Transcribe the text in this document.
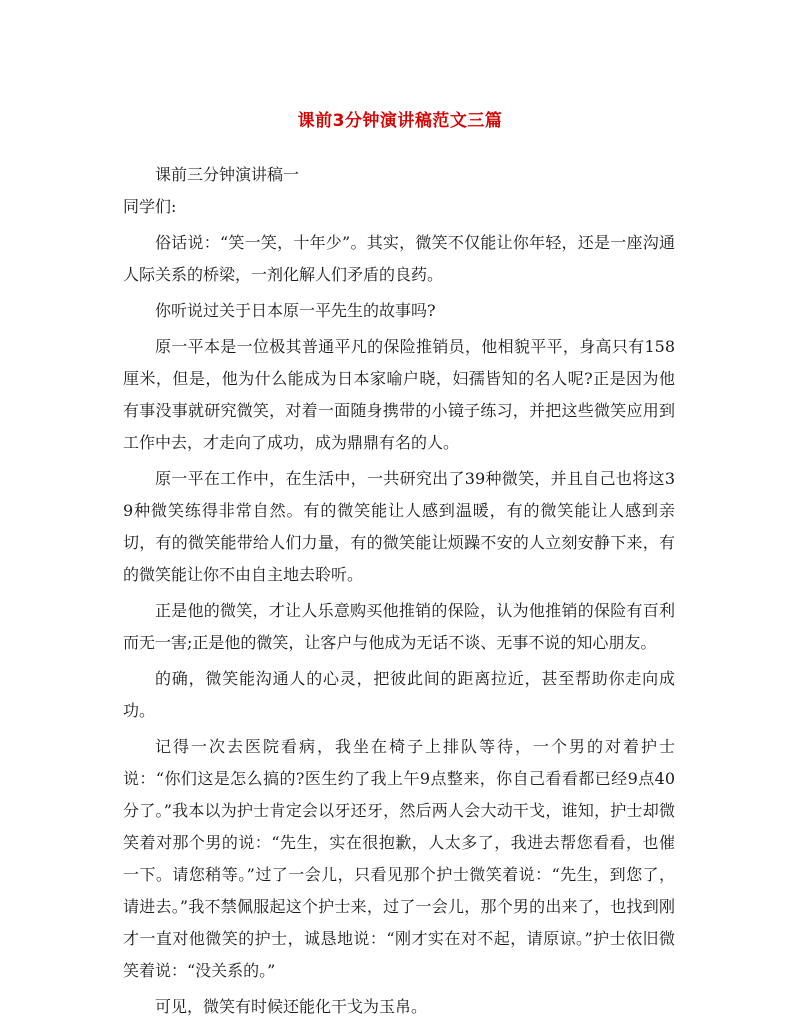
课前3分钟演讲稿范文三篇

课前三分钟演讲稿一

同学们:

俗话说：“笑一笑，十年少”。其实，微笑不仅能让你年轻，还是一座沟通人际关系的桥梁，一剂化解人们矛盾的良药。

你听说过关于日本原一平先生的故事吗?

原一平本是一位极其普通平凡的保险推销员，他相貌平平，身高只有158厘米，但是，他为什么能成为日本家喻户晓，妇孺皆知的名人呢?正是因为他有事没事就研究微笑，对着一面随身携带的小镜子练习，并把这些微笑应用到工作中去，才走向了成功，成为鼎鼎有名的人。

原一平在工作中，在生活中，一共研究出了39种微笑，并且自己也将这39种微笑练得非常自然。有的微笑能让人感到温暖，有的微笑能让人感到亲切，有的微笑能带给人们力量，有的微笑能让烦躁不安的人立刻安静下来，有的微笑能让你不由自主地去聆听。

正是他的微笑，才让人乐意购买他推销的保险，认为他推销的保险有百利而无一害;正是他的微笑，让客户与他成为无话不谈、无事不说的知心朋友。

的确，微笑能沟通人的心灵，把彼此间的距离拉近，甚至帮助你走向成功。

记得一次去医院看病，我坐在椅子上排队等待，一个男的对着护士说：“你们这是怎么搞的?医生约了我上午9点整来，你自己看看都已经9点40分了。”我本以为护士肯定会以牙还牙，然后两人会大动干戈，谁知，护士却微笑着对那个男的说：“先生，实在很抱歉，人太多了，我进去帮您看看，也催一下。请您稍等。”过了一会儿，只看见那个护士微笑着说：“先生，到您了，请进去。”我不禁佩服起这个护士来，过了一会儿，那个男的出来了，也找到刚才一直对他微笑的护士，诚恳地说：“刚才实在对不起，请原谅。”护士依旧微笑着说：“没关系的。”

可见，微笑有时候还能化干戈为玉帛。
